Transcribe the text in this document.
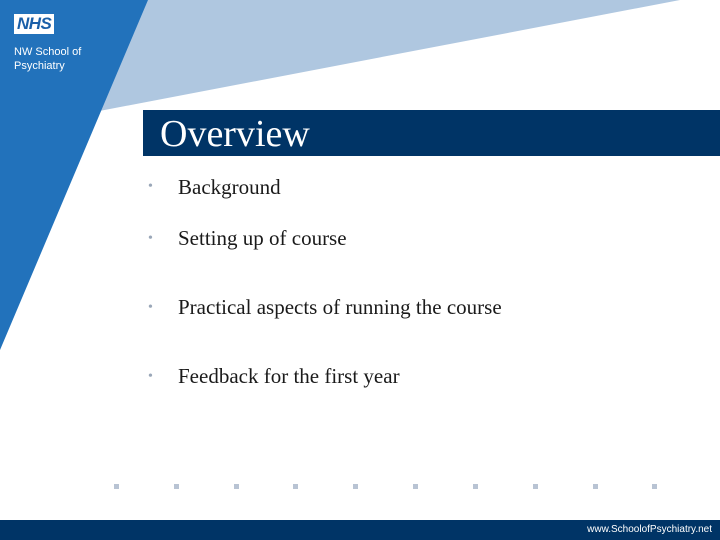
NHS
NW School of Psychiatry
Overview
•	Background
•	Setting up of course
•	Practical aspects of running the course
•	Feedback for the first year
www.SchoolofPsychiatry.net
